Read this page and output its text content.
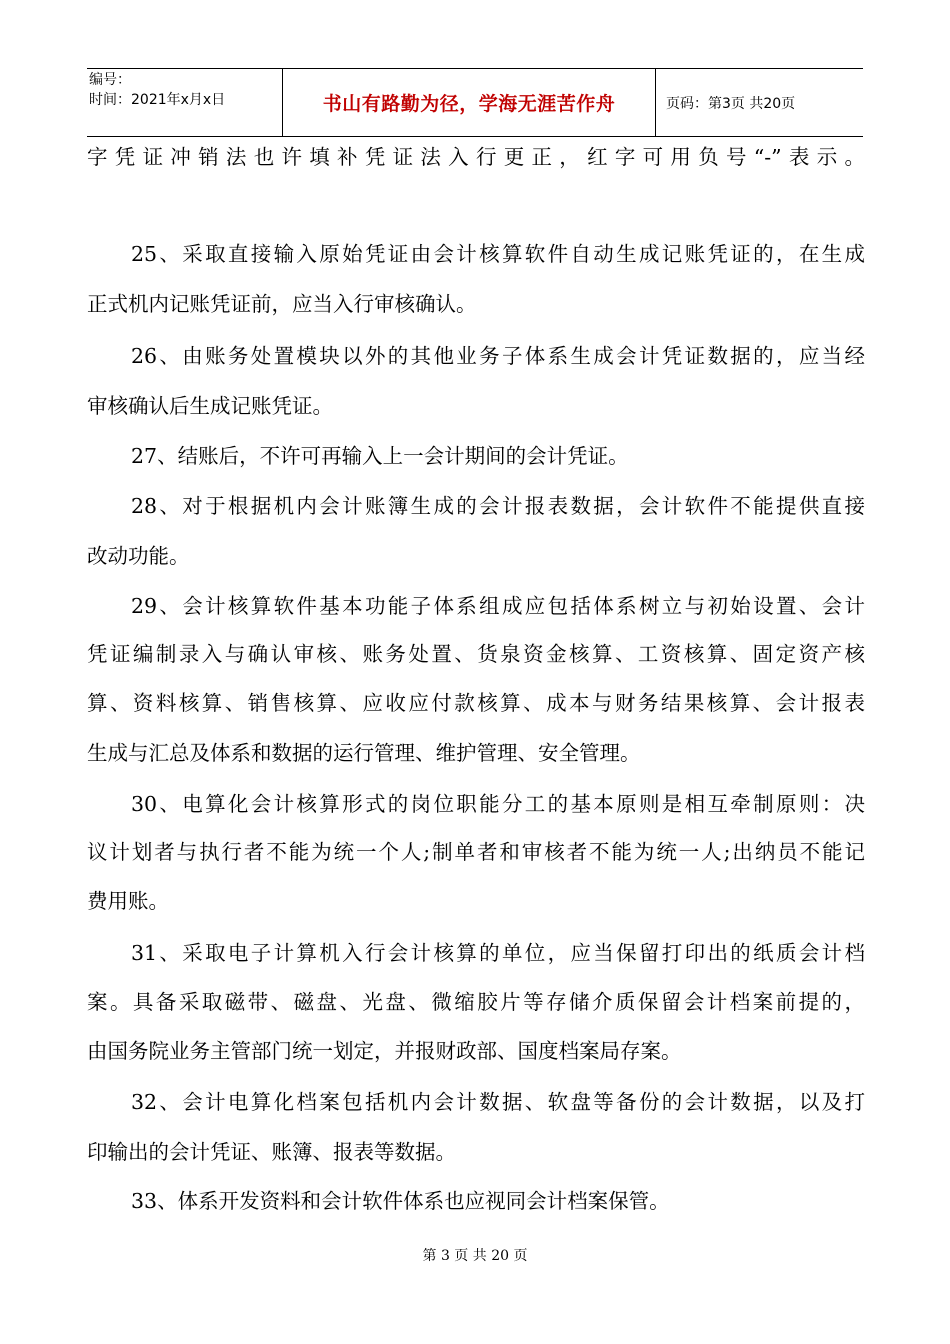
编号：
时间：2021年x月x日	书山有路勤为径，学海无涯苦作舟	页码：第3页 共20页
字凭证冲销法也许填补凭证法入行更正，红字可用负号“-”表示。
25、采取直接输入原始凭证由会计核算软件自动生成记账凭证的，在生成
正式机内记账凭证前，应当入行审核确认。
26、由账务处置模块以外的其他业务子体系生成会计凭证数据的，应当经
审核确认后生成记账凭证。
27、结账后，不许可再输入上一会计期间的会计凭证。
28、对于根据机内会计账簿生成的会计报表数据，会计软件不能提供直接
改动功能。
29、会计核算软件基本功能子体系组成应包括体系树立与初始设置、会计
凭证编制录入与确认审核、账务处置、货泉资金核算、工资核算、固定资产核
算、资料核算、销售核算、应收应付款核算、成本与财务结果核算、会计报表
生成与汇总及体系和数据的运行管理、维护管理、安全管理。
30、电算化会计核算形式的岗位职能分工的基本原则是相互牵制原则：决
议计划者与执行者不能为统一个人;制单者和审核者不能为统一人;出纳员不能记
费用账。
31、采取电子计算机入行会计核算的单位，应当保留打印出的纸质会计档
案。具备采取磁带、磁盘、光盘、微缩胶片等存储介质保留会计档案前提的，
由国务院业务主管部门统一划定，并报财政部、国度档案局存案。
32、会计电算化档案包括机内会计数据、软盘等备份的会计数据，以及打
印输出的会计凭证、账簿、报表等数据。
33、体系开发资料和会计软件体系也应视同会计档案保管。
第 3 页 共 20 页
